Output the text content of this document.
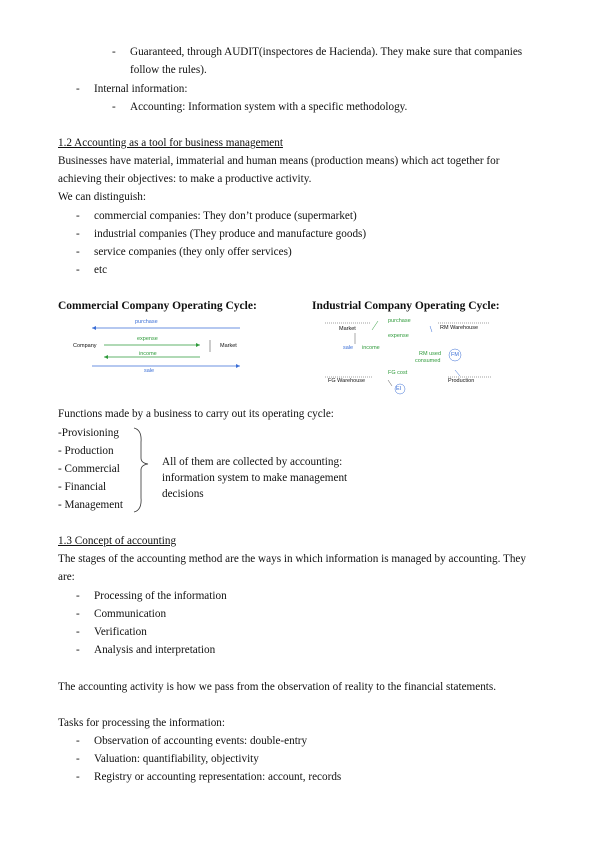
- Guaranteed, through AUDIT(inspectores de Hacienda). They make sure that companies
follow the rules).
- Internal information:
- Accounting: Information system with a specific methodology.
1.2 Accounting as a tool for business management
Businesses have material, immaterial and human means (production means) which act together for
achieving their objectives: to make a productive activity.
We can distinguish:
- commercial companies: They don’t produce (supermarket)
- industrial companies (They produce and manufacture goods)
- service companies (they only offer services)
- etc
Commercial Company Operating Cycle:	Industrial Company Operating Cycle:
purchase
expense
Company	Market
income
sale
purchase
RM Warehouse
Market
expense
sale income
RM used FM
consumed
FG cost
FG Warehouse	Production
EI
Functions made by a business to carry out its operating cycle:
-Provisioning
- Production
- Commercial
- Financial
- Management
All of them are collected by accounting:
information system to make management
decisions
1.3 Concept of accounting
The stages of the accounting method are the ways in which information is managed by accounting. They
are:
- Processing of the information
- Communication
- Verification
- Analysis and interpretation
The accounting activity is how we pass from the observation of reality to the financial statements.
Tasks for processing the information:
- Observation of accounting events: double-entry
- Valuation: quantifiability, objectivity
- Registry or accounting representation: account, records
